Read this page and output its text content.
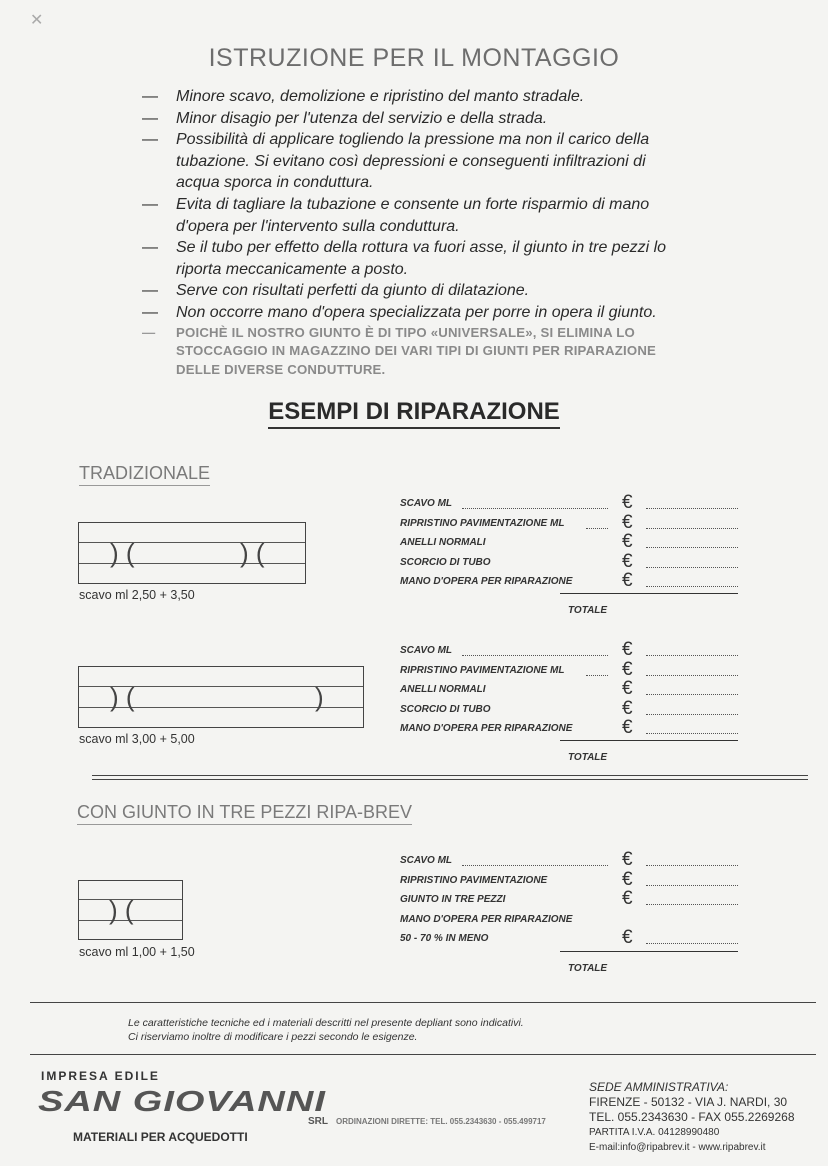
ISTRUZIONE PER IL MONTAGGIO
— Minore scavo, demolizione e ripristino del manto stradale.
— Minor disagio per l'utenza del servizio e della strada.
— Possibilità di applicare togliendo la pressione ma non il carico della
tubazione. Si evitano così depressioni e conseguenti infiltrazioni di
acqua sporca in conduttura.
— Evita di tagliare la tubazione e consente un forte risparmio di mano
d'opera per l'intervento sulla conduttura.
— Se il tubo per effetto della rottura va fuori asse, il giunto in tre pezzi lo
riporta meccanicamente a posto.
— Serve con risultati perfetti da giunto di dilatazione.
— Non occorre mano d'opera specializzata per porre in opera il giunto.
— POICHÈ IL NOSTRO GIUNTO È DI TIPO «UNIVERSALE», SI ELIMINA LO
STOCCAGGIO IN MAGAZZINO DEI VARI TIPI DI GIUNTI PER RIPARAZIONE
DELLE DIVERSE CONDUTTURE.
ESEMPI DI RIPARAZIONE
TRADIZIONALE
) (	) (
scavo ml 2,50 + 3,50
) (	)
scavo ml 3,00 + 5,00
SCAVO ML	€
RIPRISTINO PAVIMENTAZIONE ML	€
ANELLI NORMALI	€
SCORCIO DI TUBO	€
MANO D'OPERA PER RIPARAZIONE	€
TOTALE
SCAVO ML	€
RIPRISTINO PAVIMENTAZIONE ML	€
ANELLI NORMALI	€
SCORCIO DI TUBO	€
MANO D'OPERA PER RIPARAZIONE	€
TOTALE
CON GIUNTO IN TRE PEZZI RIPA-BREV
) (
scavo ml 1,00 + 1,50
SCAVO ML	€
RIPRISTINO PAVIMENTAZIONE	€
GIUNTO IN TRE PEZZI	€
MANO D'OPERA PER RIPARAZIONE
50 - 70 % IN MENO	€
TOTALE
Le caratteristiche tecniche ed i materiali descritti nel presente depliant sono indicativi.
Ci riserviamo inoltre di modificare i pezzi secondo le esigenze.
IMPRESA EDILE
SAN GIOVANNI
MATERIALI PER ACQUEDOTTI
SRL ORDINAZIONI DIRETTE: TEL. 055.2343630 - 055.499717
SEDE AMMINISTRATIVA:
FIRENZE - 50132 - VIA J. NARDI, 30
TEL. 055.2343630 - FAX 055.2269268
PARTITA I.V.A. 04128990480
E-mail:info@ripabrev.it - www.ripabrev.it
✕
